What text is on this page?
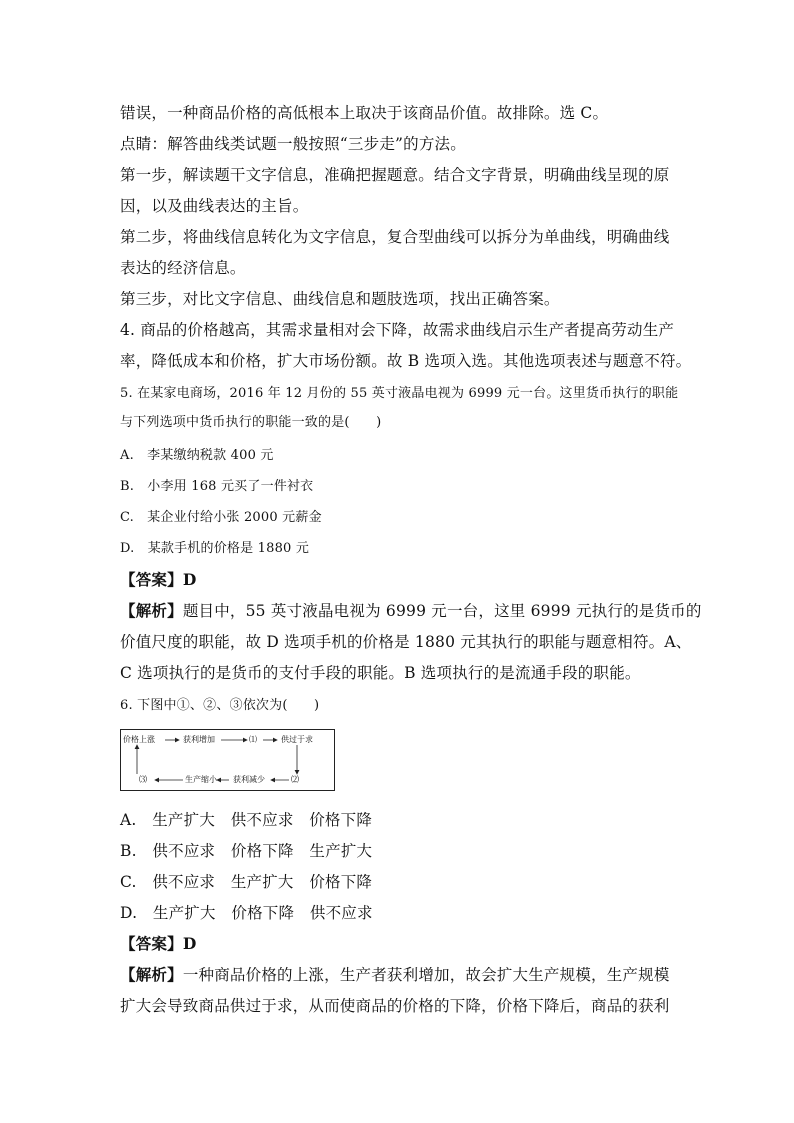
错误，一种商品价格的高低根本上取决于该商品价值。故排除。选 C。
点睛：解答曲线类试题一般按照“三步走”的方法。
第一步，解读题干文字信息，准确把握题意。结合文字背景，明确曲线呈现的原
因，以及曲线表达的主旨。
第二步，将曲线信息转化为文字信息，复合型曲线可以拆分为单曲线，明确曲线
表达的经济信息。
第三步，对比文字信息、曲线信息和题肢选项，找出正确答案。
4. 商品的价格越高，其需求量相对会下降，故需求曲线启示生产者提高劳动生产
率，降低成本和价格，扩大市场份额。故 B 选项入选。其他选项表述与题意不符。
5. 在某家电商场，2016 年 12 月份的 55 英寸液晶电视为 6999 元一台。这里货币执行的职能
与下列选项中货币执行的职能一致的是(　　)
A.　李某缴纳税款 400 元
B.　小李用 168 元买了一件衬衣
C.　某企业付给小张 2000 元薪金
D.　某款手机的价格是 1880 元
【答案】D
【解析】题目中，55 英寸液晶电视为 6999 元一台，这里 6999 元执行的是货币的
价值尺度的职能，故 D 选项手机的价格是 1880 元其执行的职能与题意相符。A、
C 选项执行的是货币的支付手段的职能。B 选项执行的是流通手段的职能。
6. 下图中①、②、③依次为(　　)
价格上涨	获利增加	⑴	供过于求
⑵
获利减少
生产缩小
⑶
A.　生产扩大　供不应求　价格下降
B.　供不应求　价格下降　生产扩大
C.　供不应求　生产扩大　价格下降
D.　生产扩大　价格下降　供不应求
【答案】D
【解析】一种商品价格的上涨，生产者获利增加，故会扩大生产规模，生产规模
扩大会导致商品供过于求，从而使商品的价格的下降，价格下降后，商品的获利
